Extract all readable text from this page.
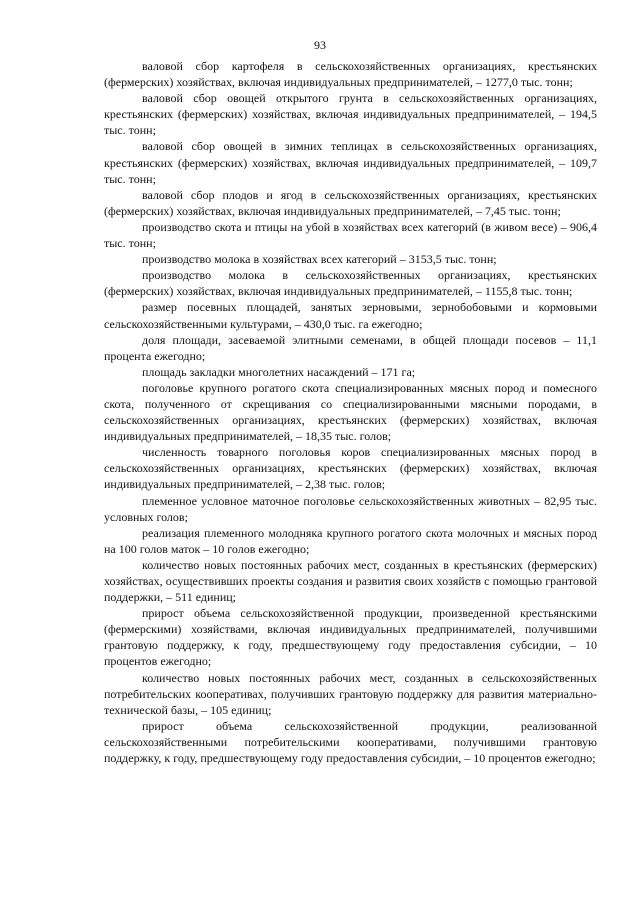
93

валовой сбор картофеля в сельскохозяйственных организациях, крестьянских (фермерских) хозяйствах, включая индивидуальных предпринимателей, – 1277,0 тыс. тонн;

валовой сбор овощей открытого грунта в сельскохозяйственных организациях, крестьянских (фермерских) хозяйствах, включая индивидуальных предпринимателей, – 194,5 тыс. тонн;

валовой сбор овощей в зимних теплицах в сельскохозяйственных организациях, крестьянских (фермерских) хозяйствах, включая индивидуальных предпринимателей, – 109,7 тыс. тонн;

валовой сбор плодов и ягод в сельскохозяйственных организациях, крестьянских (фермерских) хозяйствах, включая индивидуальных предпринимателей, – 7,45 тыс. тонн;

производство скота и птицы на убой в хозяйствах всех категорий (в живом весе) – 906,4 тыс. тонн;

производство молока в хозяйствах всех категорий – 3153,5 тыс. тонн;

производство молока в сельскохозяйственных организациях, крестьянских (фермерских) хозяйствах, включая индивидуальных предпринимателей, – 1155,8 тыс. тонн;

размер посевных площадей, занятых зерновыми, зернобобовыми и кормовыми сельскохозяйственными культурами, – 430,0 тыс. га ежегодно;

доля площади, засеваемой элитными семенами, в общей площади посевов – 11,1 процента ежегодно;

площадь закладки многолетних насаждений – 171 га;

поголовье крупного рогатого скота специализированных мясных пород и помесного скота, полученного от скрещивания со специализированными мясными породами, в сельскохозяйственных организациях, крестьянских (фермерских) хозяйствах, включая индивидуальных предпринимателей, – 18,35 тыс. голов;

численность товарного поголовья коров специализированных мясных пород в сельскохозяйственных организациях, крестьянских (фермерских) хозяйствах, включая индивидуальных предпринимателей, – 2,38 тыс. голов;

племенное условное маточное поголовье сельскохозяйственных животных – 82,95 тыс. условных голов;

реализация племенного молодняка крупного рогатого скота молочных и мясных пород на 100 голов маток – 10 голов ежегодно;

количество новых постоянных рабочих мест, созданных в крестьянских (фермерских) хозяйствах, осуществивших проекты создания и развития своих хозяйств с помощью грантовой поддержки, – 511 единиц;

прирост объема сельскохозяйственной продукции, произведенной крестьянскими (фермерскими) хозяйствами, включая индивидуальных предпринимателей, получившими грантовую поддержку, к году, предшествующему году предоставления субсидии, – 10 процентов ежегодно;

количество новых постоянных рабочих мест, созданных в сельскохозяйственных потребительских кооперативах, получивших грантовую поддержку для развития материально-технической базы, – 105 единиц;

прирост объема сельскохозяйственной продукции, реализованной сельскохозяйственными потребительскими кооперативами, получившими грантовую поддержку, к году, предшествующему году предоставления субсидии, – 10 процентов ежегодно;
